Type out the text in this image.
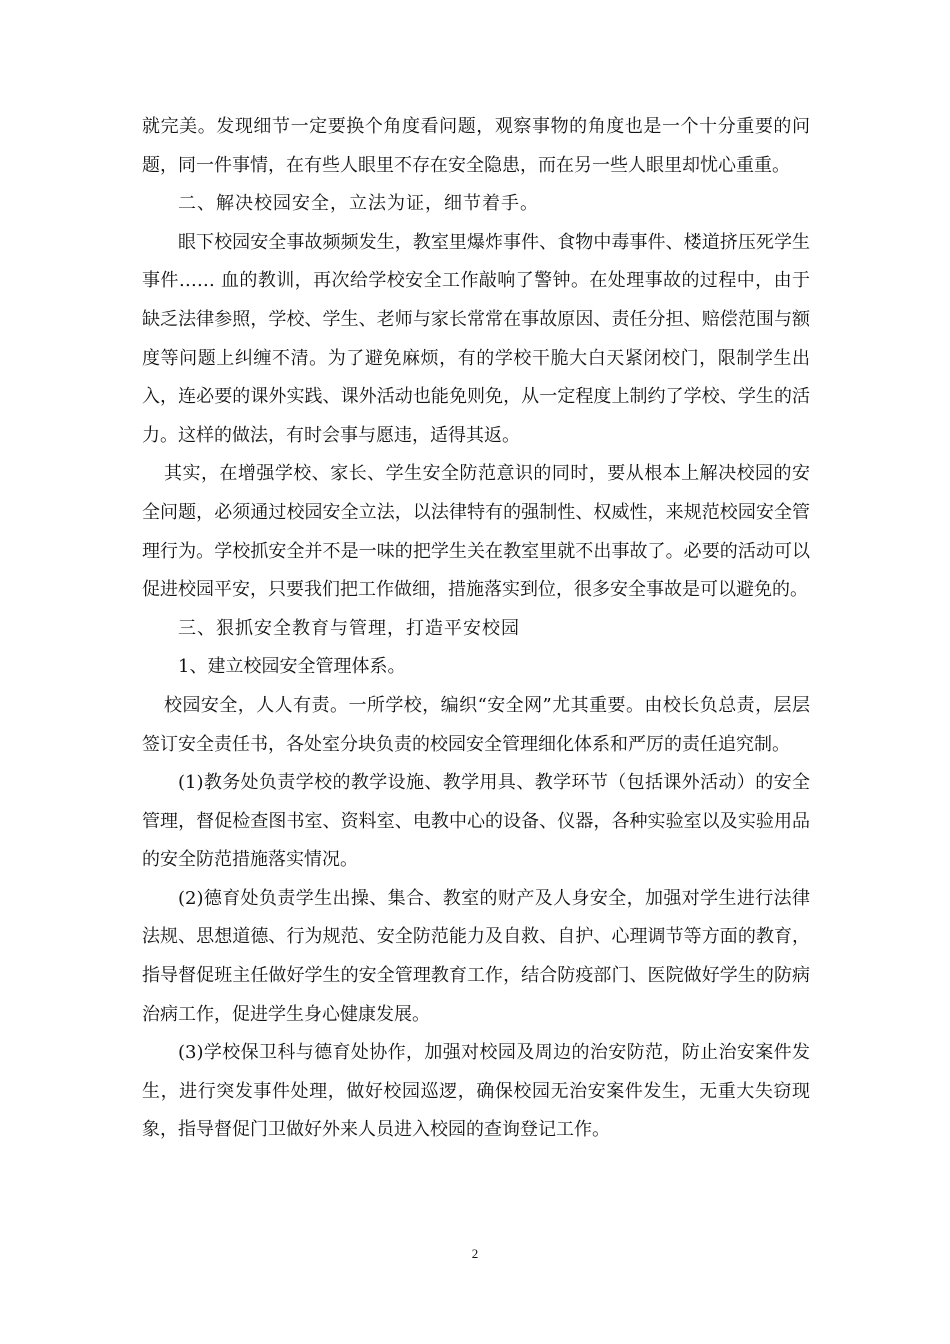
就完美。发现细节一定要换个角度看问题，观察事物的角度也是一个十分重要的问题，同一件事情，在有些人眼里不存在安全隐患，而在另一些人眼里却忧心重重。

二、解决校园安全，立法为证，细节着手。

眼下校园安全事故频频发生，教室里爆炸事件、食物中毒事件、楼道挤压死学生事件…… 血的教训，再次给学校安全工作敲响了警钟。在处理事故的过程中，由于缺乏法律参照，学校、学生、老师与家长常常在事故原因、责任分担、赔偿范围与额度等问题上纠缠不清。为了避免麻烦，有的学校干脆大白天紧闭校门，限制学生出入，连必要的课外实践、课外活动也能免则免，从一定程度上制约了学校、学生的活力。这样的做法，有时会事与愿违，适得其返。

其实，在增强学校、家长、学生安全防范意识的同时，要从根本上解决校园的安全问题，必须通过校园安全立法，以法律特有的强制性、权威性，来规范校园安全管理行为。学校抓安全并不是一味的把学生关在教室里就不出事故了。必要的活动可以促进校园平安，只要我们把工作做细，措施落实到位，很多安全事故是可以避免的。

三、狠抓安全教育与管理，打造平安校园

1、建立校园安全管理体系。

校园安全，人人有责。一所学校，编织“安全网”尤其重要。由校长负总责，层层签订安全责任书，各处室分块负责的校园安全管理细化体系和严厉的责任追究制。

(1)教务处负责学校的教学设施、教学用具、教学环节（包括课外活动）的安全管理，督促检查图书室、资料室、电教中心的设备、仪器，各种实验室以及实验用品的安全防范措施落实情况。

(2)德育处负责学生出操、集合、教室的财产及人身安全，加强对学生进行法律法规、思想道德、行为规范、安全防范能力及自救、自护、心理调节等方面的教育，指导督促班主任做好学生的安全管理教育工作，结合防疫部门、医院做好学生的防病治病工作，促进学生身心健康发展。

(3)学校保卫科与德育处协作，加强对校园及周边的治安防范，防止治安案件发生，进行突发事件处理，做好校园巡逻，确保校园无治安案件发生，无重大失窃现象，指导督促门卫做好外来人员进入校园的查询登记工作。

2
